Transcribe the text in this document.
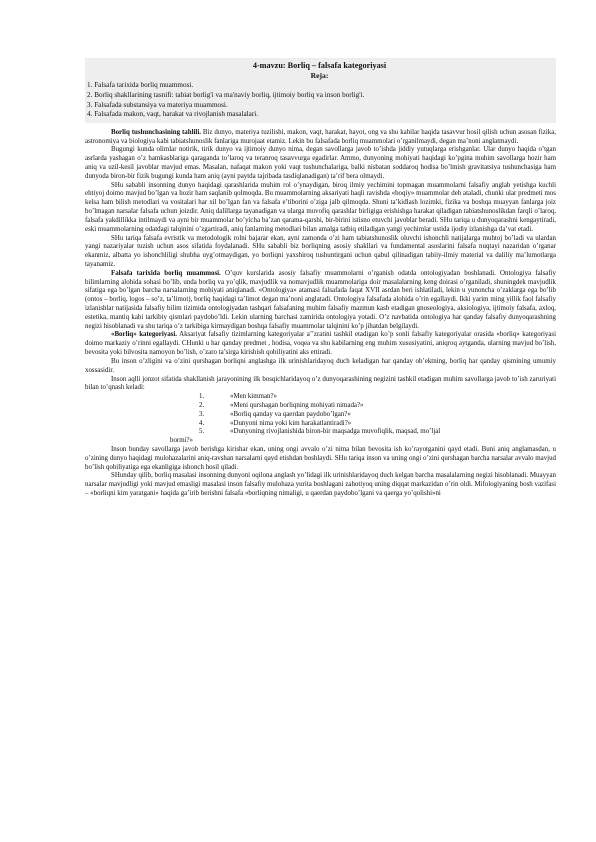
4-mavzu: Borliq – falsafa kategoriyasi
Reja:
1. Falsafa tarixida borliq muammosi.
2. Borliq shakllarining tasnifi: tabiat borlig'i va ma'naviy borliq, ijtimoiy borliq va inson borlig'i.
3. Falsafada substansiya va materiya muammosi.
4. Falsafada makon, vaqt, harakat va rivojlanish masalalari.

Borliq tushunchasining tahlili. Biz dunyo, materiya tuzilishi, makon, vaqt, harakat, hayot, ong va shu kabilar haqida tasavvur hosil qilish uchun asosan fizika, astronomiya va biologiya kabi tabiatshunoslik fanlariga murojaat etamiz. Lekin bu falsafada borliq muammolari o’rganilmaydi, degan ma’noni anglatmaydi.

Bugungi kunda olimlar notirik, tirik dunyo va ijtimoiy dunyo nima, degan savollarga javob to’ishda jiddiy yutuqlarga erishganlar. Ular dunyo haqida o’tgan asrlarda yashagan o’z hamkasblariga qaraganda to’laroq va teranroq tasavvurga egadirlar. Ammo, dunyoning mohiyati haqidagi ko’pgina muhim savollarga hozir ham aniq va uzil-kesil javoblar mavjud emas. Masalan, nafaqat makon yoki vaqt tushunchalariga, balki nisbatan soddaroq hodisa bo’lmish gravitatsiya tushunchasiga ham dunyoda biron-bir fizik bugungi kunda ham aniq (ayni paytda tajribada tasdiqlanadigan) ta’rif bera olmaydi.

SHu sababli insonning dunyo haqidagi qarashlarida muhim rol o’ynaydigan, biroq ilmiy yechimini topmagan muammolarni falsafiy anglab yetishga kuchli ehtiyoj doimo mavjud bo’lgan va hozir ham saqlanib qolmoqda. Bu muammolarning aksariyati haqli ravishda «boqiy» muammolar deb ataladi, chunki ular predmeti mos kelsa ham bilish metodlari va vositalari har xil bo’lgan fan va falsafa e’tiborini o’ziga jalb qilmoqda. Shuni ta’kidlash lozimki, fizika va boshqa muayyan fanlarga joiz bo’lmagan narsalar falsafa uchun joizdir. Aniq dalillarga tayanadigan va ularga muvofiq qarashlar birligiga erishishga harakat qiladigan tabiatshunoslikdan farqli o’laroq, falsafa yakdillikka intilmaydi va ayni bir muammolar bo’yicha ba’zan qarama-qarshi, bir-birini istisno etuvchi javoblar beradi. SHu tariqa u dunyoqarashni kengaytiradi, eski muammolarning odatdagi talqinini o’zgartiradi, aniq fanlarning metodlari bilan amalga tatbiq etiladigan yangi yechimlar ustida ijodiy izlanishga da’vat etadi.

SHu tariqa falsafa evristik va metodologik rolni bajarar ekan, ayni zamonda o’zi ham tabiatshunoslik oluvchi ishonchli natijalarga muhtoj bo’ladi va ulardan yangi nazariyalar tuzish uchun asos sifatida foydalanadi. SHu sababli biz borliqning asosiy shakllari va fundamental asoslarini falsafa nuqtayi nazaridan o’rganar ekanmiz, albatta yo ishonchliligi shubha uyg’otmaydigan, yo borliqni yaxshiroq tushuntirgani uchun qabul qilinadigan tabiiy-ilmiy material va daliliy ma’lumotlarga tayanamiz.

Falsafa tarixida borliq muammosi. O’quv kurslarida asosiy falsafiy muammolarni o’rganish odatda ontologiyadan boshlanadi. Ontologiya falsafiy bilimlarning alohida sohasi bo’lib, unda borliq va yo’qlik, mavjudlik va nomavjudlik muammolariga doir masalalarning keng doirasi o’rganiladi, shuningdek mavjudlik sifatiga ega bo’lgan barcha narsalarning mohiyati aniqlanadi. «Ontologiya» atamasi falsafada faqat XVII asrdan beri ishlatiladi, lekin u yunoncha o’zaklarga ega bo’lib (ontos – borliq, logos – so’z, ta’limot), borliq haqidagi ta’limot degan ma’noni anglatadi. Ontologiya falsafada alohida o’rin egallaydi. Ikki yarim ming yillik faol falsafiy izlanishlar natijasida falsafiy bilim tizimida ontologiyadan tashqari falsafaning muhim falsafiy mazmun kasb etadigan gnoseologiya, aksiologiya, ijtimoiy falsafa, axloq, estetika, mantiq kabi tarkibiy qismlari paydobo’ldi. Lekin ularning barchasi zamirida ontologiya yotadi. O’z navbatida ontologiya har qanday falsafiy dunyoqarashning negizi hisoblanadi va shu tariqa o’z tarkibiga kirmaydigan boshqa falsafiy muammolar talqinini ko’p jihatdan belgilaydi.

«Borliq» kategoriyasi. Aksariyat falsafiy tizimlarning kategoriyalar a’’zratini tashkil etadigan ko’p sonli falsafiy kategoriyalar orasida «borliq» kategoriyasi doimo markaziy o’rinni egallaydi. CHunki u har qanday predmet , hodisa, voqea va shu kabilarning eng muhim xususiyatini, aniqroq aytganda, ularning mavjud bo’lish, bevosita yoki bilvosita namoyon bo’lish, o’zaro ta’sirga kirishish qobiliyatini aks ettiradi.

Bu inson o’zligini va o’zini qurshagan borliqni anglashga ilk urinishlaridayoq duch keladigan har qanday ob’ektning, borliq har qanday qismining umumiy xossasidir.

Inson aqlli jonzot sifatida shakllanish jarayonining ilk bosqichlaridayoq o’z dunyoqarashining negizini tashkil etadigan muhim savollarga javob to’ish zaruriyati bilan to’qnash keladi:

1.	«Men kimman?»
2.	«Meni qurshagan borliqning mohiyati nimada?»
3.	«Borliq qanday va qaerdan paydobo’lgan?»
4.	«Dunyoni nima yoki kim harakatlantiradi?»
5.	«Dunyoning rivojlanishida biron-bir maqsadga muvofiqlik, maqsad, mo’ljal
bormi?»

Inson bunday savollarga javob berishga kirishar ekan, uning ongi avvalo o’zi nima bilan bevosita ish ko’rayotganini qayd etadi. Buni aniq anglamasdan, u o’zining dunyo haqidagi mulohazalarini aniq-ravshan narsalarni qayd etishdan boshlaydi. SHu tariqa inson va uning ongi o’zini qurshagan barcha narsalar avvalo mavjud bo’lish qobiliyatiga ega ekanligiga ishonch hosil qiladi.

SHunday qilib, borliq masalasi insonning dunyoni oqilona anglash yo’lidagi ilk urinishlaridayoq duch kelgan barcha masalalarning negizi hisoblanadi. Muayyan narsalar mavjudligi yoki mavjud emasligi masalasi inson falsafiy mulohaza yurita boshlagani zahotiyoq uning diqqat markazidan o’rin oldi. Mifologiyaning bosh vazifasi – «borliqni kim yaratgani» haqida ga’irib berishni falsafa «borliqning nimaligi, u qaerdan paydobo’lgani va qaerga yo’qolishi»ni
